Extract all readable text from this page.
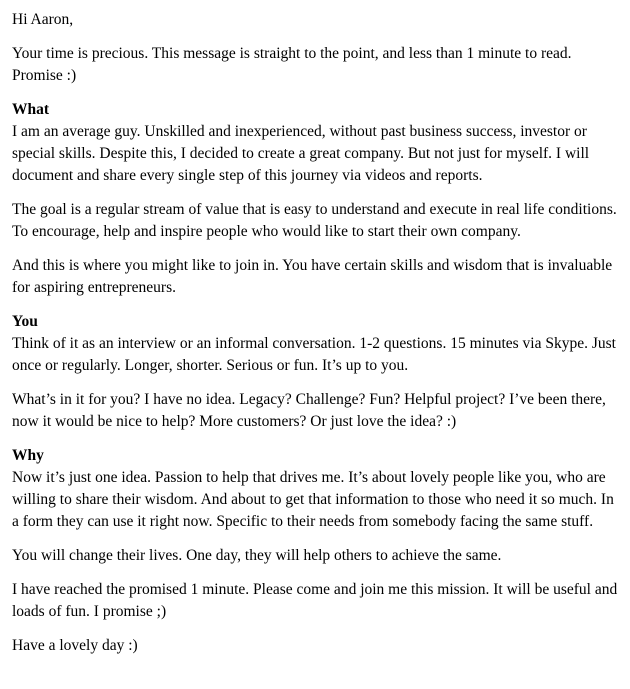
Hi Aaron,

Your time is precious. This message is straight to the point, and less than 1 minute to read. Promise :)

What

I am an average guy. Unskilled and inexperienced, without past business success, investor or special skills. Despite this, I decided to create a great company. But not just for myself. I will document and share every single step of this journey via videos and reports.

The goal is a regular stream of value that is easy to understand and execute in real life conditions. To encourage, help and inspire people who would like to start their own company.

And this is where you might like to join in. You have certain skills and wisdom that is invaluable for aspiring entrepreneurs.

You

Think of it as an interview or an informal conversation. 1-2 questions. 15 minutes via Skype. Just once or regularly. Longer, shorter. Serious or fun. It’s up to you.

What’s in it for you? I have no idea. Legacy? Challenge? Fun? Helpful project? I’ve been there, now it would be nice to help? More customers? Or just love the idea? :)

Why

Now it’s just one idea. Passion to help that drives me. It’s about lovely people like you, who are willing to share their wisdom. And about to get that information to those who need it so much. In a form they can use it right now. Specific to their needs from somebody facing the same stuff.

You will change their lives. One day, they will help others to achieve the same.

I have reached the promised 1 minute. Please come and join me this mission. It will be useful and loads of fun. I promise ;)

Have a lovely day :)
